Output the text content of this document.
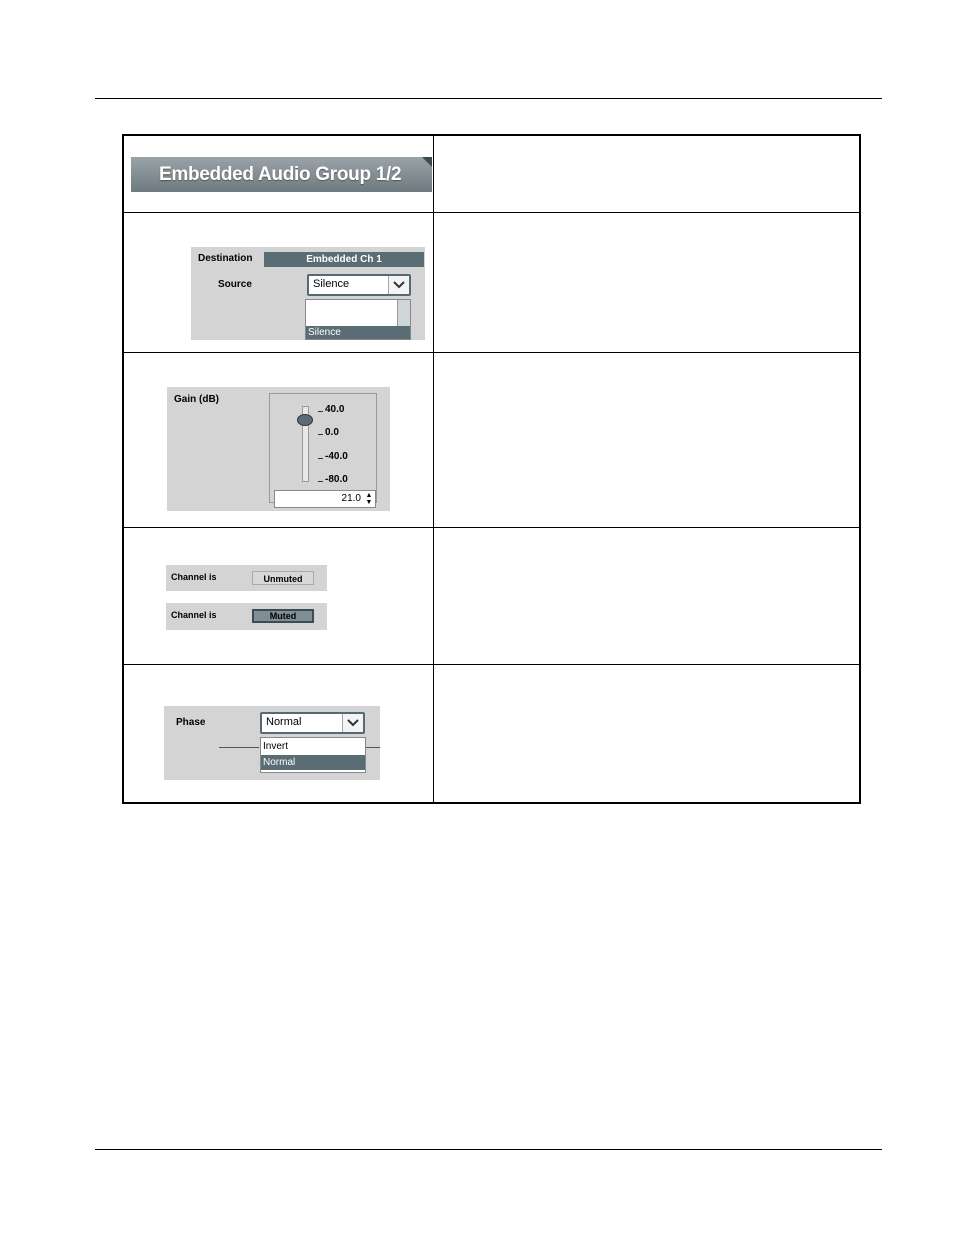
Embedded Audio Group 1/2
Destination	Embedded Ch 1
Source	Silence
Silence
Gain (dB)
40.0
0.0
-40.0
-80.0
21.0 ▲
▼
Channel is	Unmuted
Channel is	Muted
Phase	Normal
Invert
Normal
